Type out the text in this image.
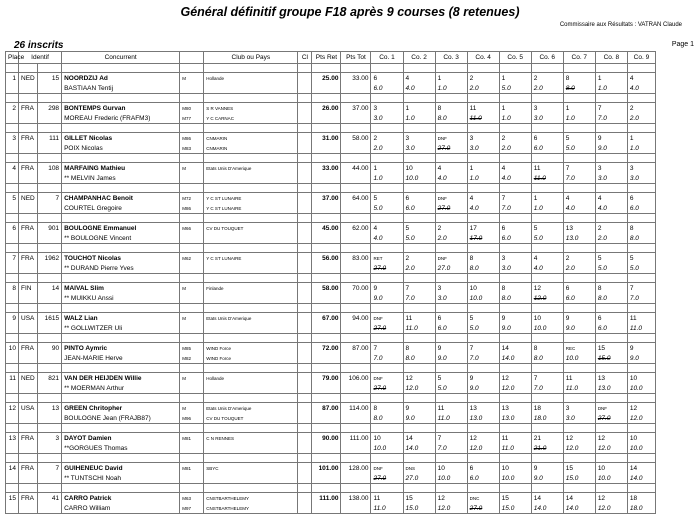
Général définitif groupe F18 après 9 courses (8 retenues)
Commissaire aux Résultats : VATRAN Claude
26 inscrits	Page 1
Place	Identif		Concurrent		Club ou Pays	Cl	Pts Ret	Pts Tot	Co. 1	Co. 2	Co. 3	Co. 4	Co. 5	Co. 6	Co. 7	Co. 8	Co. 9

1	NED	15	NOORDZIJ Ad	M	Hollande		25.00	33.00	6	4	1	2	1	2	8	1	4
			BASTIAAN Tentij						6.0	4.0	1.0	2.0	5.0	2.0	8.0	1.0	4.0

2	FRA	298	BONTEMPS Gurvan	M80	S R VANNES		26.00	37.00	3	1	8	11	1	3	1	7	2
			MOREAU Frederic (FRAFM3)	M77	Y C CARNAC				3.0	1.0	8.0	11.0	1.0	3.0	1.0	7.0	2.0

3	FRA	111	GILLET Nicolas	M86	CNMARIN		31.00	58.00	2	3	DNF	3	2	6	5	9	1
			POIX Nicolas	M83	CNMARIN				2.0	3.0	27.0	3.0	2.0	6.0	5.0	9.0	1.0

4	FRA	108	MARFAING Mathieu	M	Etats Unis D'Amerique		33.00	44.00	1	10	4	1	4	11	7	3	3
			** MELVIN James						1.0	10.0	4.0	1.0	4.0	11.0	7.0	3.0	3.0

5	NED	7	CHAMPANHAC Benoit	M72	Y C ST LUNAIRE		37.00	64.00	5	6	DNF	4	7	1	4	4	6
			COURTEL Gregoire	M86	Y C ST LUNAIRE				5.0	6.0	27.0	4.0	7.0	1.0	4.0	4.0	6.0

6	FRA	901	BOULOGNE Emmanuel	M66	CV DU TOUQUET		45.00	62.00	4	5	2	17	6	5	13	2	8
			** BOULOGNE Vincent						4.0	5.0	2.0	17.0	6.0	5.0	13.0	2.0	8.0

7	FRA	1962	TOUCHOT Nicolas	M62	Y C ST LUNAIRE		56.00	83.00	RET	2	DNF	8	3	4	2	5	5
			** DURAND Pierre Yves						27.0	2.0	27.0	8.0	3.0	4.0	2.0	5.0	5.0

8	FIN	14	MAIVAL Slim	M	Finlande		58.00	70.00	9	7	3	10	8	12	6	8	7
			** MUIKKU Anssi						9.0	7.0	3.0	10.0	8.0	12.0	6.0	8.0	7.0

9	USA	1615	WALZ Lian	M	Etats Unis D'Amerique		67.00	94.00	DNF	11	6	5	9	10	9	6	11
			** GOLLWITZER Uli						27.0	11.0	6.0	5.0	9.0	10.0	9.0	6.0	11.0

10	FRA	90	PINTO Aymric	M85	WIND Force		72.00	87.00	7	8	9	7	14	8	REC	15	9
			JEAN-MARIE Herve	M82	WIND Force				7.0	8.0	9.0	7.0	14.0	8.0	10.0	15.0	9.0

11	NED	821	VAN DER HEIJDEN Willie	M	Hollande		79.00	106.00	DNF	12	5	9	12	7	11	13	10
			** MOERMAN Arthur						27.0	12.0	5.0	9.0	12.0	7.0	11.0	13.0	10.0

12	USA	13	GREEN Chritopher	M	Etats Unis D'Amerique		87.00	114.00	8	9	11	13	13	18	3	DNF	12
			BOULOGNE Jean (FRAJB87)	M96	CV DU TOUQUET				8.0	9.0	11.0	13.0	13.0	18.0	3.0	27.0	12.0

13	FRA	3	DAYOT Damien	M81	C N RENNES		90.00	111.00	10	14	7	12	11	21	12	12	10
			**GORGUES Thomas						10.0	14.0	7.0	12.0	11.0	21.0	12.0	12.0	10.0

14	FRA	7	GUIHENEUC David	M81	SBYC		101.00	128.00	DNF	DNS	10	6	10	9	15	10	14
			** TUNTSCHI Noah						27.0	27.0	10.0	6.0	10.0	9.0	15.0	10.0	14.0

15	FRA	41	CARRO Patrick	M63	CNSTBARTHELEMY		111.00	138.00	11	15	12	DNC	15	14	14	12	18
			CARRO William	M97	CNSTBARTHELEMY				11.0	15.0	12.0	27.0	15.0	14.0	14.0	12.0	18.0
